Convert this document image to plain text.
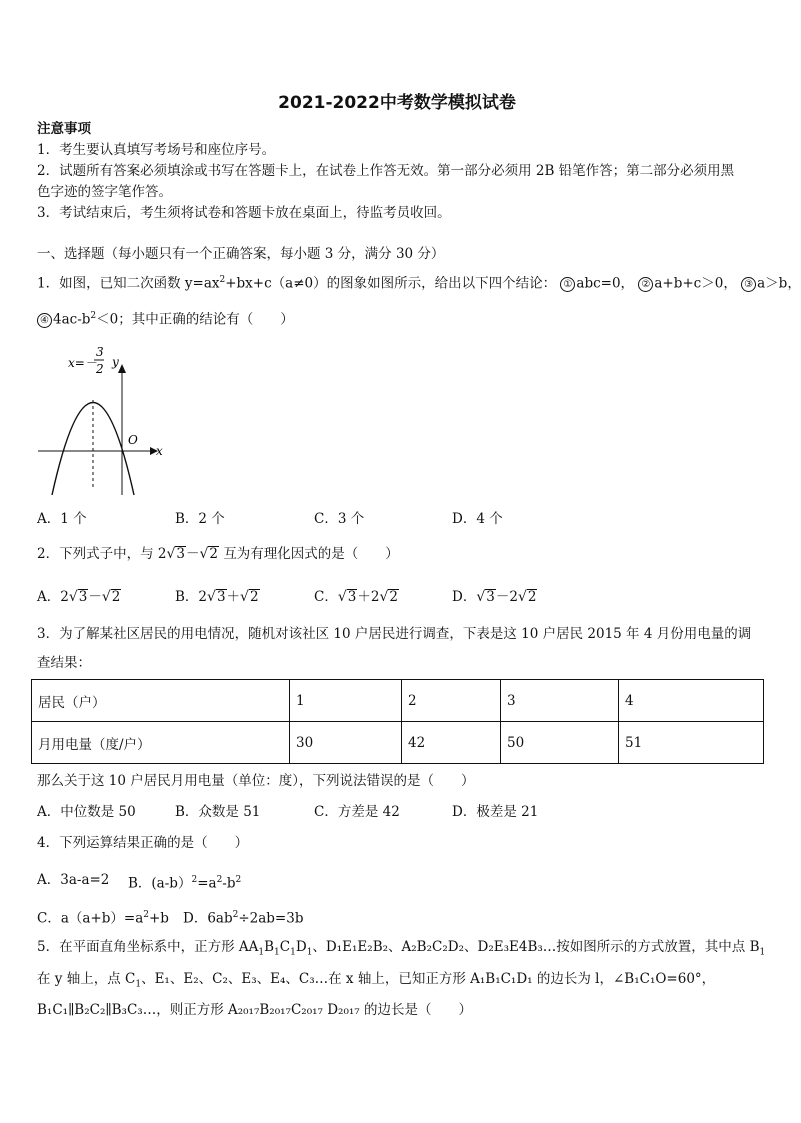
2021-2022中考数学模拟试卷
注意事项
1．考生要认真填写考场号和座位序号。
2．试题所有答案必须填涂或书写在答题卡上，在试卷上作答无效。第一部分必须用 2B 铅笔作答；第二部分必须用黑
色字迹的签字笔作答。
3．考试结束后，考生须将试卷和答题卡放在桌面上，待监考员收回。
一、选择题（每小题只有一个正确答案，每小题 3 分，满分 30 分）
1．如图，已知二次函数 $y=ax^2+bx+c(a\ne 0)$的图象如图所示，给出以下四个结论： ① abc=0， ② a+b+c＞0， ③ a＞b，
④ $4ac-b^2<0$；其中正确的结论有（　　）
x=－
3
2 y
x
O
A．1 个	B．2 个	C．3 个	D．4 个
2．下列式子中，与 2√3－√2 互为有理化因式的是（　　）
A．2√3－√2	B．2√3＋√2	C．√3＋2√2	D．√3－2√2
3．为了解某社区居民的用电情况，随机对该社区 10 户居民进行调查，下表是这 10 户居民 2015 年 4 月份用电量的调
查结果：
居民（户）	1	2	3	4
月用电量（度/户）	30	42	50	51
那么关于这 10 户居民月用电量（单位：度），下列说法错误的是（　　）
A．中位数是 50	B．众数是 51	C．方差是 42	D．极差是 21
4．下列运算结果正确的是（　　）
A．3a-a=2 B．$(a-b)^2=a^2-b^2$
C．$a(a+b)=a^2+b$ D．$6ab^2\div 2ab=3b$
5．在平面直角坐标系中，正方形 $AA_1B_1C_1D_1$、D₁E₁E₂B₂、A₂B₂C₂D₂、D₂E₃E4B₃…按如图所示的方式放置，其中点 $B_1$
在 y 轴上，点 $C_1$、E₁、E₂、C₂、E₃、E₄、C₃…在 x 轴上，已知正方形 A₁B₁C₁D₁ 的边长为 l，∠B₁C₁O=60°，
B₁C₁∥B₂C₂∥B₃C₃…，则正方形 A₂₀₁₇B₂₀₁₇C₂₀₁₇ D₂₀₁₇ 的边长是（　　）
